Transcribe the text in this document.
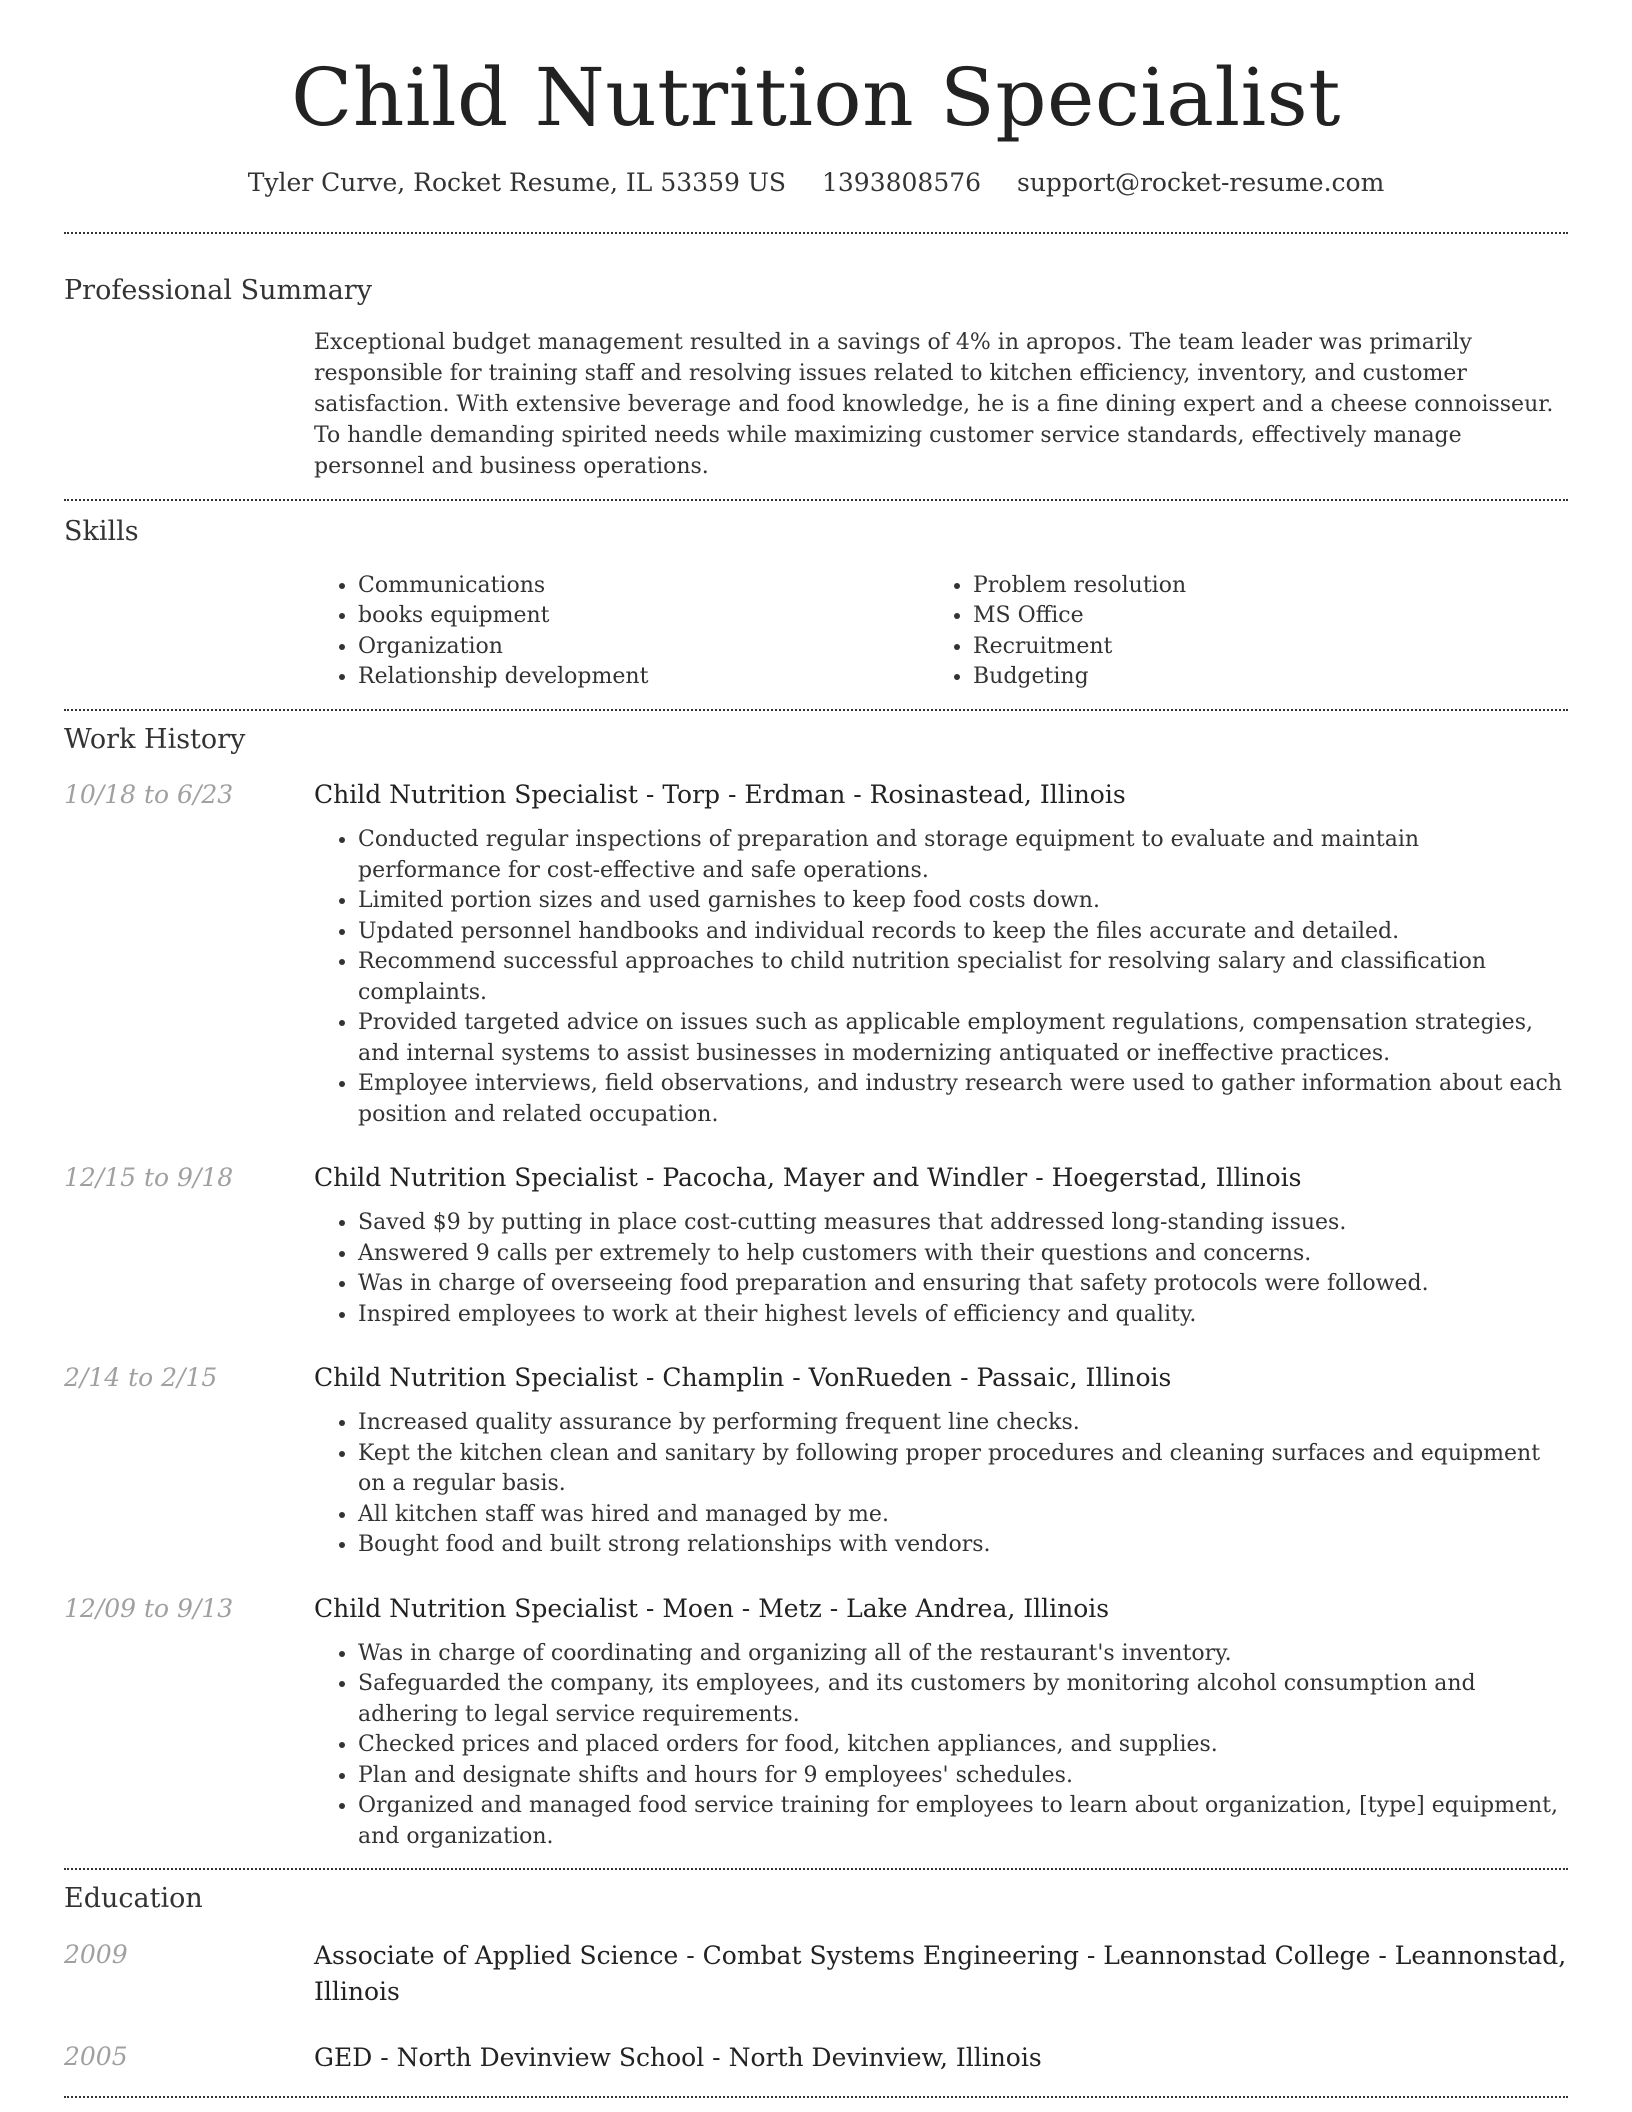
Child Nutrition Specialist
Tyler Curve, Rocket Resume, IL 53359 US 1393808576 support@rocket-resume.com
Professional Summary
Exceptional budget management resulted in a savings of 4% in apropos. The team leader was primarily responsible for training staff and resolving issues related to kitchen efficiency, inventory, and customer satisfaction. With extensive beverage and food knowledge, he is a fine dining expert and a cheese connoisseur. To handle demanding spirited needs while maximizing customer service standards, effectively manage personnel and business operations.
Skills
• Communications
• books equipment
• Organization
• Relationship development
• Problem resolution
• MS Office
• Recruitment
• Budgeting
Work History
10/18 to 6/23	Child Nutrition Specialist - Torp - Erdman - Rosinastead, Illinois
• Conducted regular inspections of preparation and storage equipment to evaluate and maintain performance for cost-effective and safe operations.
• Limited portion sizes and used garnishes to keep food costs down.
• Updated personnel handbooks and individual records to keep the files accurate and detailed.
• Recommend successful approaches to child nutrition specialist for resolving salary and classification complaints.
• Provided targeted advice on issues such as applicable employment regulations, compensation strategies, and internal systems to assist businesses in modernizing antiquated or ineffective practices.
• Employee interviews, field observations, and industry research were used to gather information about each position and related occupation.
12/15 to 9/18	Child Nutrition Specialist - Pacocha, Mayer and Windler - Hoegerstad, Illinois
• Saved $9 by putting in place cost-cutting measures that addressed long-standing issues.
• Answered 9 calls per extremely to help customers with their questions and concerns.
• Was in charge of overseeing food preparation and ensuring that safety protocols were followed.
• Inspired employees to work at their highest levels of efficiency and quality.
2/14 to 2/15	Child Nutrition Specialist - Champlin - VonRueden - Passaic, Illinois
• Increased quality assurance by performing frequent line checks.
• Kept the kitchen clean and sanitary by following proper procedures and cleaning surfaces and equipment on a regular basis.
• All kitchen staff was hired and managed by me.
• Bought food and built strong relationships with vendors.
12/09 to 9/13	Child Nutrition Specialist - Moen - Metz - Lake Andrea, Illinois
• Was in charge of coordinating and organizing all of the restaurant's inventory.
• Safeguarded the company, its employees, and its customers by monitoring alcohol consumption and adhering to legal service requirements.
• Checked prices and placed orders for food, kitchen appliances, and supplies.
• Plan and designate shifts and hours for 9 employees' schedules.
• Organized and managed food service training for employees to learn about organization, [type] equipment, and organization.
Education
2009	Associate of Applied Science - Combat Systems Engineering - Leannonstad College - Leannonstad, Illinois
2005	GED - North Devinview School - North Devinview, Illinois
